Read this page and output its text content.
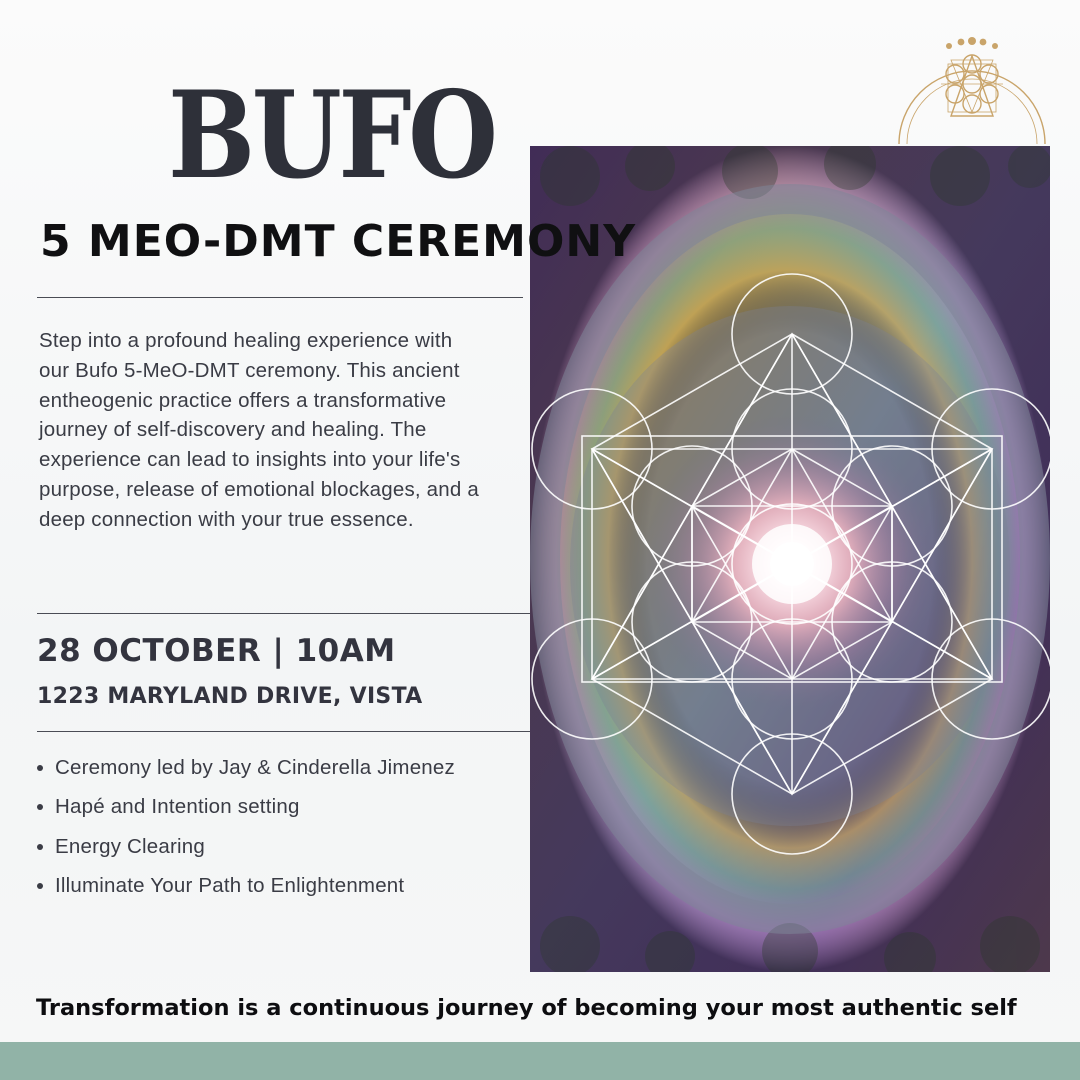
BUFO
5 MEO-DMT CEREMONY
Step into a profound healing experience with our Bufo 5-MeO-DMT ceremony. This ancient entheogenic practice offers a transformative journey of self-discovery and healing. The experience can lead to insights into your life's purpose, release of emotional blockages, and a deep connection with your true essence.
28 OCTOBER | 10AM
1223 MARYLAND DRIVE, VISTA
Ceremony led by Jay & Cinderella Jimenez
Hapé and Intention setting
Energy Clearing
Illuminate Your Path to Enlightenment
Transformation is a continuous journey of becoming your most authentic self
